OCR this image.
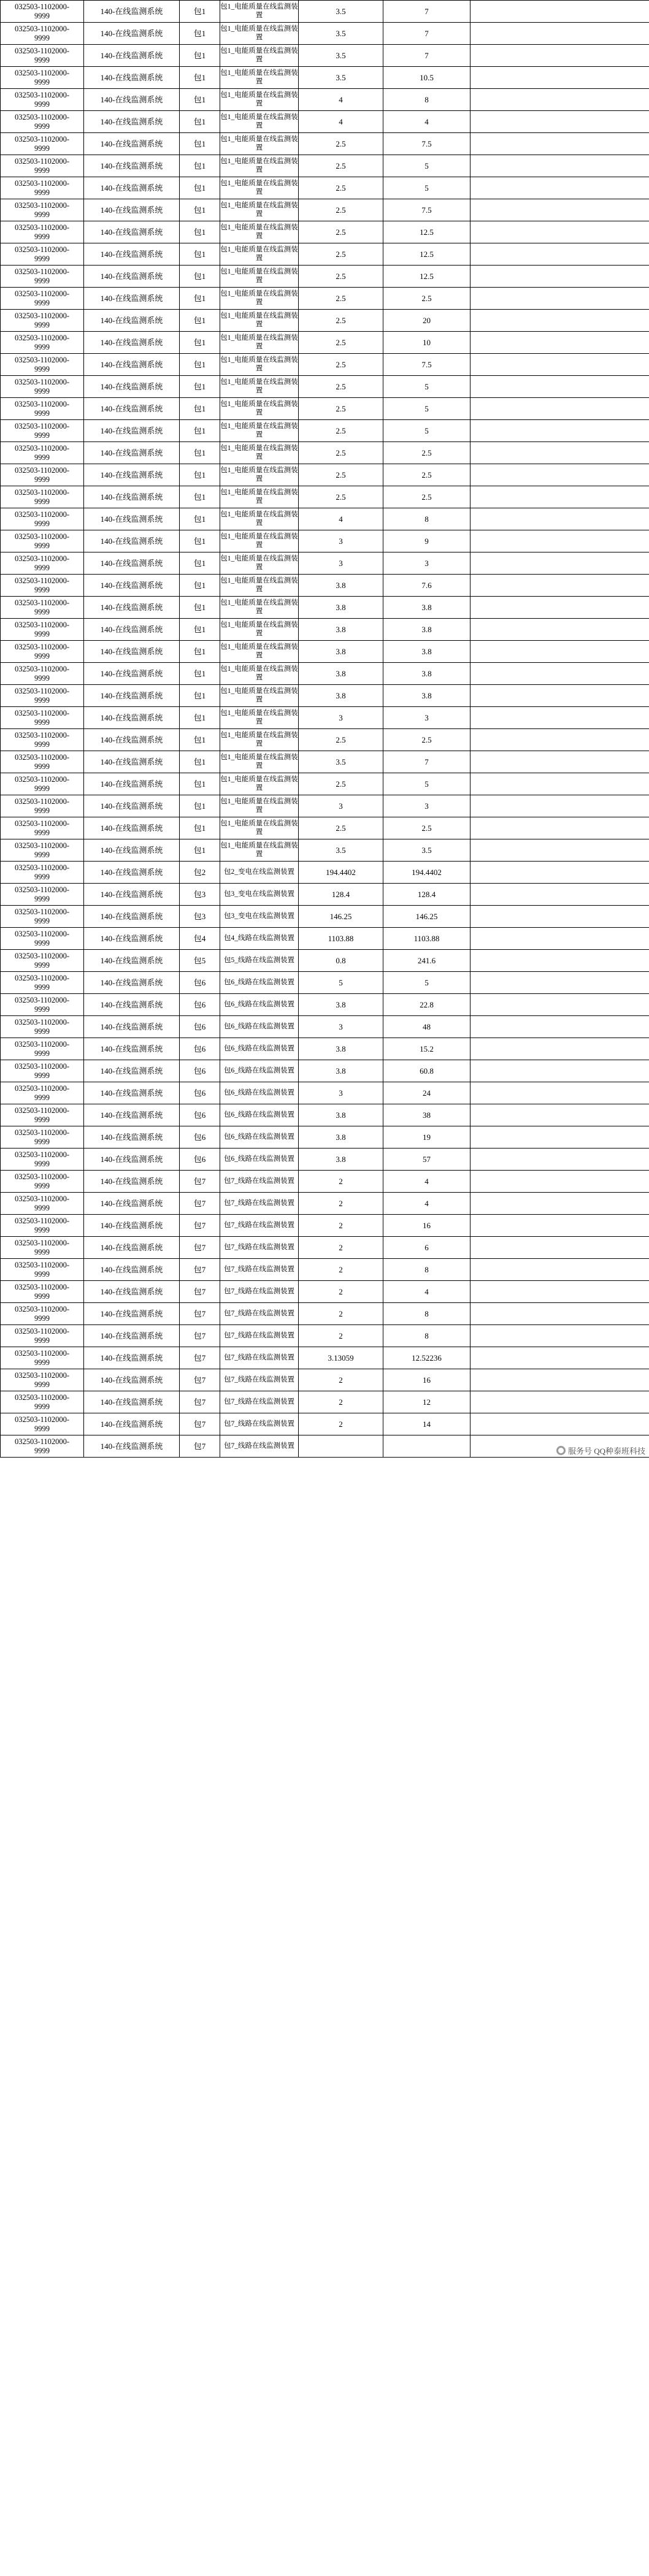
032503-1102000-
9999	140-在线监测系统	包1	包1_电能质量在线监测装置	3.5	7	

032503-1102000-
9999	140-在线监测系统	包1	包1_电能质量在线监测装置	3.5	7	

032503-1102000-
9999	140-在线监测系统	包1	包1_电能质量在线监测装置	3.5	7	

032503-1102000-
9999	140-在线监测系统	包1	包1_电能质量在线监测装置	3.5	10.5	

032503-1102000-
9999	140-在线监测系统	包1	包1_电能质量在线监测装置	4	8	

032503-1102000-
9999	140-在线监测系统	包1	包1_电能质量在线监测装置	4	4	

032503-1102000-
9999	140-在线监测系统	包1	包1_电能质量在线监测装置	2.5	7.5	

032503-1102000-
9999	140-在线监测系统	包1	包1_电能质量在线监测装置	2.5	5	

032503-1102000-
9999	140-在线监测系统	包1	包1_电能质量在线监测装置	2.5	5	

032503-1102000-
9999	140-在线监测系统	包1	包1_电能质量在线监测装置	2.5	7.5	

032503-1102000-
9999	140-在线监测系统	包1	包1_电能质量在线监测装置	2.5	12.5	

032503-1102000-
9999	140-在线监测系统	包1	包1_电能质量在线监测装置	2.5	12.5	

032503-1102000-
9999	140-在线监测系统	包1	包1_电能质量在线监测装置	2.5	12.5	

032503-1102000-
9999	140-在线监测系统	包1	包1_电能质量在线监测装置	2.5	2.5	

032503-1102000-
9999	140-在线监测系统	包1	包1_电能质量在线监测装置	2.5	20	

032503-1102000-
9999	140-在线监测系统	包1	包1_电能质量在线监测装置	2.5	10	

032503-1102000-
9999	140-在线监测系统	包1	包1_电能质量在线监测装置	2.5	7.5	

032503-1102000-
9999	140-在线监测系统	包1	包1_电能质量在线监测装置	2.5	5	

032503-1102000-
9999	140-在线监测系统	包1	包1_电能质量在线监测装置	2.5	5	

032503-1102000-
9999	140-在线监测系统	包1	包1_电能质量在线监测装置	2.5	5	

032503-1102000-
9999	140-在线监测系统	包1	包1_电能质量在线监测装置	2.5	2.5	

032503-1102000-
9999	140-在线监测系统	包1	包1_电能质量在线监测装置	2.5	2.5	

032503-1102000-
9999	140-在线监测系统	包1	包1_电能质量在线监测装置	2.5	2.5	

032503-1102000-
9999	140-在线监测系统	包1	包1_电能质量在线监测装置	4	8	

032503-1102000-
9999	140-在线监测系统	包1	包1_电能质量在线监测装置	3	9	

032503-1102000-
9999	140-在线监测系统	包1	包1_电能质量在线监测装置	3	3	

032503-1102000-
9999	140-在线监测系统	包1	包1_电能质量在线监测装置	3.8	7.6	

032503-1102000-
9999	140-在线监测系统	包1	包1_电能质量在线监测装置	3.8	3.8	

032503-1102000-
9999	140-在线监测系统	包1	包1_电能质量在线监测装置	3.8	3.8	

032503-1102000-
9999	140-在线监测系统	包1	包1_电能质量在线监测装置	3.8	3.8	

032503-1102000-
9999	140-在线监测系统	包1	包1_电能质量在线监测装置	3.8	3.8	

032503-1102000-
9999	140-在线监测系统	包1	包1_电能质量在线监测装置	3.8	3.8	

032503-1102000-
9999	140-在线监测系统	包1	包1_电能质量在线监测装置	3	3	

032503-1102000-
9999	140-在线监测系统	包1	包1_电能质量在线监测装置	2.5	2.5	

032503-1102000-
9999	140-在线监测系统	包1	包1_电能质量在线监测装置	3.5	7	

032503-1102000-
9999	140-在线监测系统	包1	包1_电能质量在线监测装置	2.5	5	

032503-1102000-
9999	140-在线监测系统	包1	包1_电能质量在线监测装置	3	3	

032503-1102000-
9999	140-在线监测系统	包1	包1_电能质量在线监测装置	2.5	2.5	

032503-1102000-
9999	140-在线监测系统	包1	包1_电能质量在线监测装置	3.5	3.5	

032503-1102000-
9999	140-在线监测系统	包2	包2_变电在线监测装置	194.4402	194.4402	

032503-1102000-
9999	140-在线监测系统	包3	包3_变电在线监测装置	128.4	128.4	

032503-1102000-
9999	140-在线监测系统	包3	包3_变电在线监测装置	146.25	146.25	

032503-1102000-
9999	140-在线监测系统	包4	包4_线路在线监测装置	1103.88	1103.88	

032503-1102000-
9999	140-在线监测系统	包5	包5_线路在线监测装置	0.8	241.6	

032503-1102000-
9999	140-在线监测系统	包6	包6_线路在线监测装置	5	5	

032503-1102000-
9999	140-在线监测系统	包6	包6_线路在线监测装置	3.8	22.8	

032503-1102000-
9999	140-在线监测系统	包6	包6_线路在线监测装置	3	48	

032503-1102000-
9999	140-在线监测系统	包6	包6_线路在线监测装置	3.8	15.2	

032503-1102000-
9999	140-在线监测系统	包6	包6_线路在线监测装置	3.8	60.8	

032503-1102000-
9999	140-在线监测系统	包6	包6_线路在线监测装置	3	24	

032503-1102000-
9999	140-在线监测系统	包6	包6_线路在线监测装置	3.8	38	

032503-1102000-
9999	140-在线监测系统	包6	包6_线路在线监测装置	3.8	19	

032503-1102000-
9999	140-在线监测系统	包6	包6_线路在线监测装置	3.8	57	

032503-1102000-
9999	140-在线监测系统	包7	包7_线路在线监测装置	2	4	

032503-1102000-
9999	140-在线监测系统	包7	包7_线路在线监测装置	2	4	

032503-1102000-
9999	140-在线监测系统	包7	包7_线路在线监测装置	2	16	

032503-1102000-
9999	140-在线监测系统	包7	包7_线路在线监测装置	2	6	

032503-1102000-
9999	140-在线监测系统	包7	包7_线路在线监测装置	2	8	

032503-1102000-
9999	140-在线监测系统	包7	包7_线路在线监测装置	2	4	

032503-1102000-
9999	140-在线监测系统	包7	包7_线路在线监测装置	2	8	

032503-1102000-
9999	140-在线监测系统	包7	包7_线路在线监测装置	2	8	

032503-1102000-
9999	140-在线监测系统	包7	包7_线路在线监测装置	3.13059	12.52236	

032503-1102000-
9999	140-在线监测系统	包7	包7_线路在线监测装置	2	16	

032503-1102000-
9999	140-在线监测系统	包7	包7_线路在线监测装置	2	12	

032503-1102000-
9999	140-在线监测系统	包7	包7_线路在线监测装置	2	14	

032503-1102000-
9999	140-在线监测系统	包7	包7_线路在线监测装置			
服务号 QQ种泰班科技
